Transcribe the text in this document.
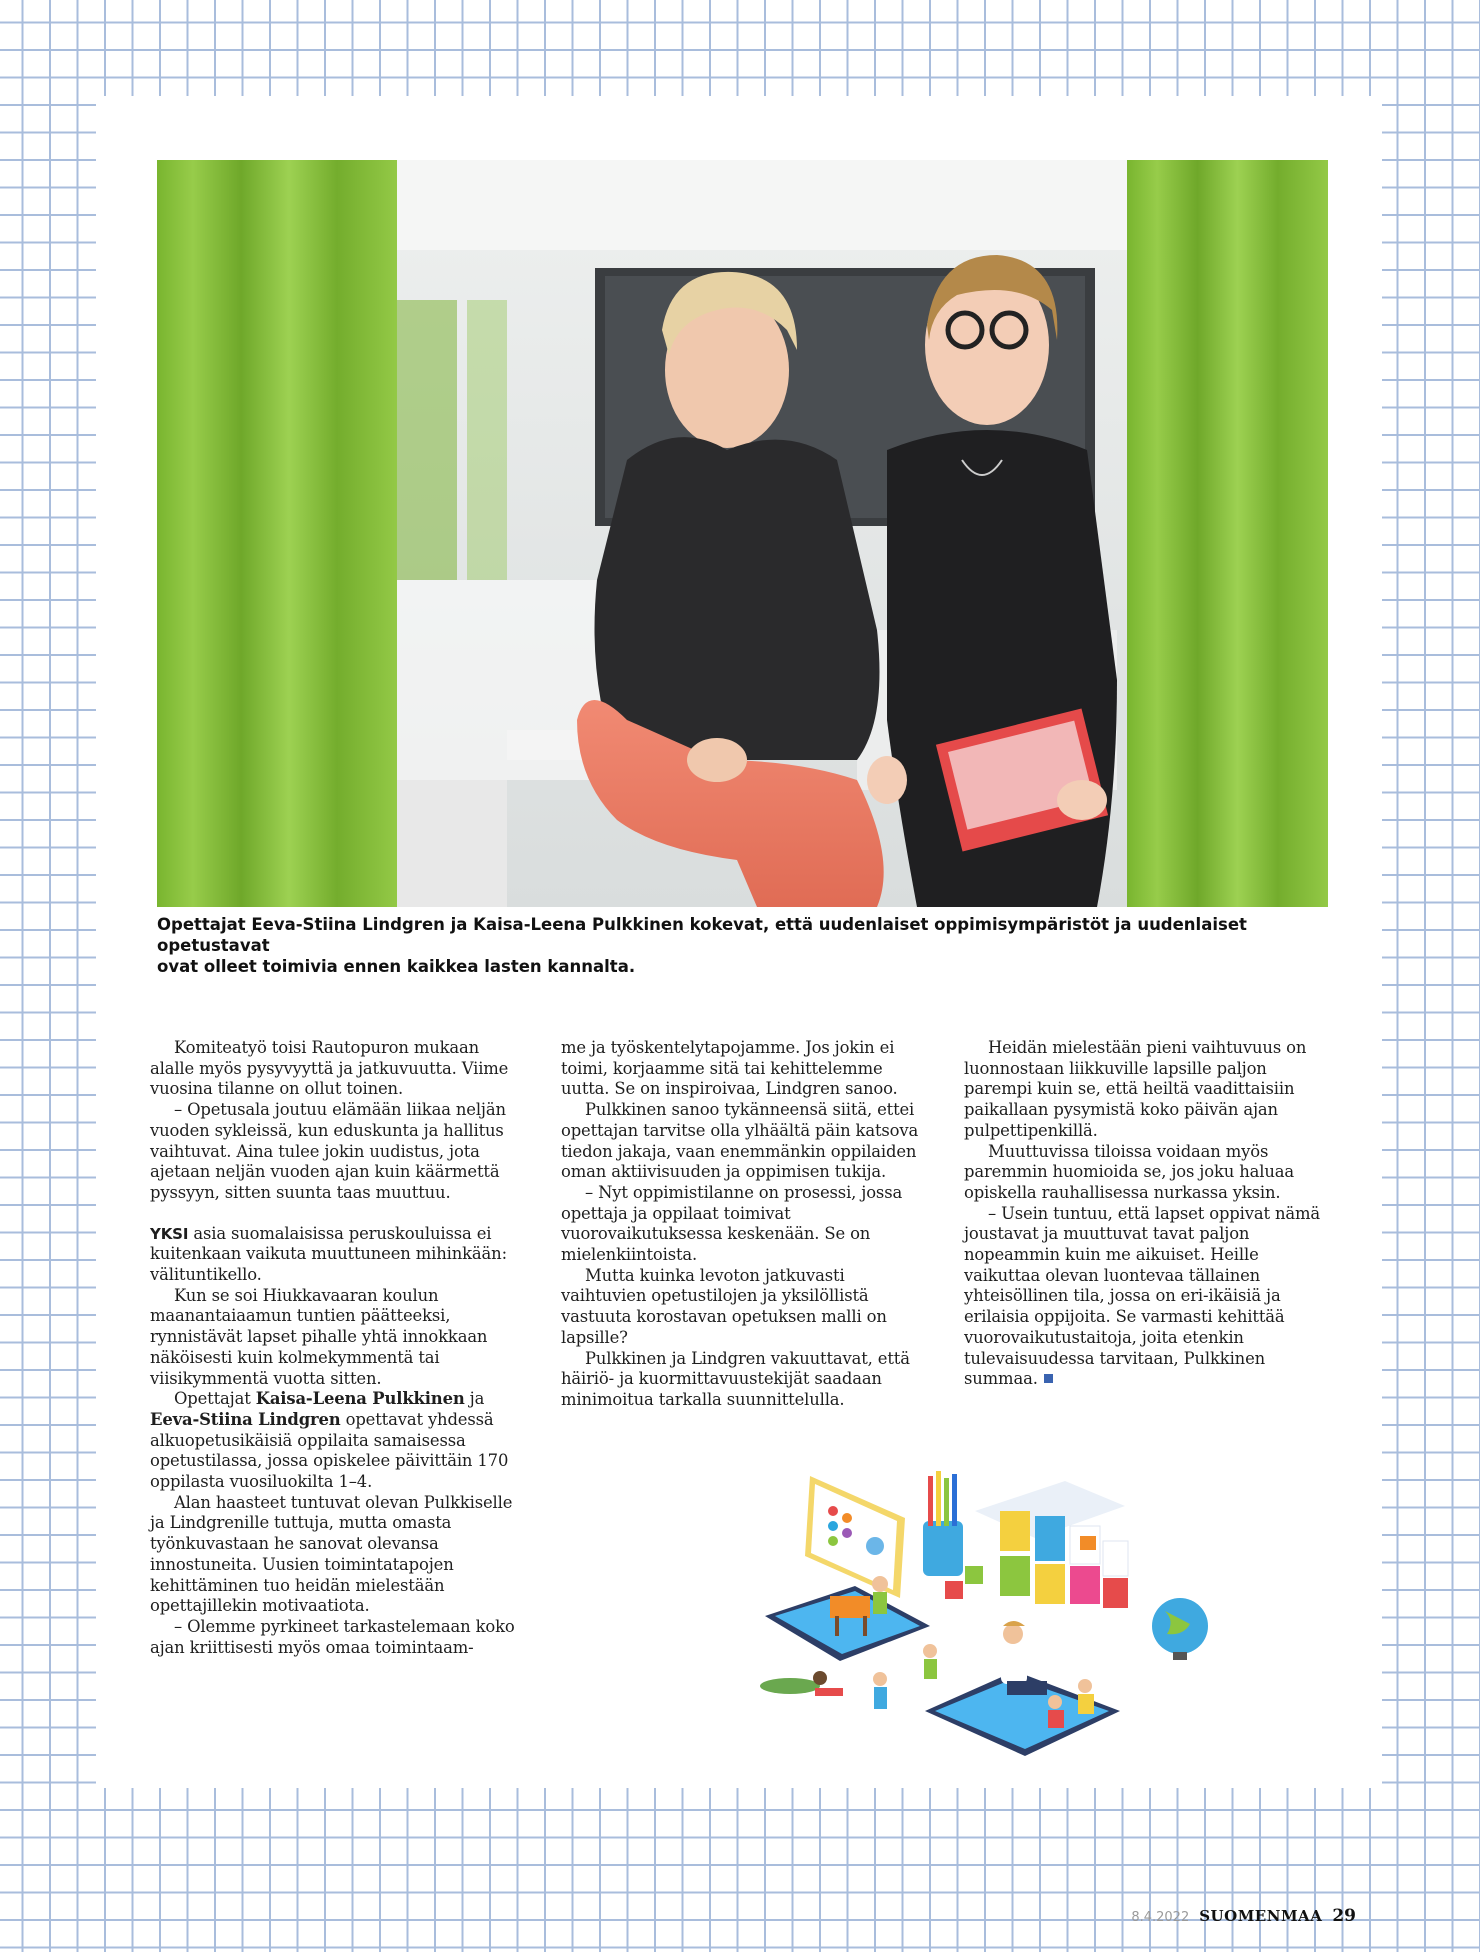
Opettajat Eeva-Stiina Lindgren ja Kaisa-Leena Pulkkinen kokevat, että uudenlaiset oppimisympäristöt ja uudenlaiset opetustavat
ovat olleet toimivia ennen kaikkea lasten kannalta.

Komiteatyö toisi Rautopuron mukaan alalle myös pysyvyyttä ja jatkuvuutta. Viime vuosina tilanne on ollut toinen.

– Opetusala joutuu elämään liikaa neljän vuoden sykleissä, kun eduskunta ja hallitus vaihtuvat. Aina tulee jokin uudistus, jota ajetaan neljän vuoden ajan kuin käärmettä pyssyyn, sitten suunta taas muuttuu.

YKSI asia suomalaisissa peruskouluissa ei kuitenkaan vaikuta muuttuneen mihinkään: välituntikello.

Kun se soi Hiukkavaaran koulun maanantaiaamun tuntien päätteeksi, rynnistävät lapset pihalle yhtä innokkaan näköisesti kuin kolmekymmentä tai viisikymmentä vuotta sitten.

Opettajat Kaisa-Leena Pulkkinen ja Eeva-Stiina Lindgren opettavat yhdessä alkuopetusikäisiä oppilaita samaisessa opetustilassa, jossa opiskelee päivittäin 170 oppilasta vuosiluokilta 1–4.

Alan haasteet tuntuvat olevan Pulkkiselle ja Lindgrenille tuttuja, mutta omasta työnkuvastaan he sanovat olevansa innostuneita. Uusien toimintatapojen kehittäminen tuo heidän mielestään opettajillekin motivaatiota.

– Olemme pyrkineet tarkastelemaan koko ajan kriittisesti myös omaa toimintaam-

me ja työskentelytapojamme. Jos jokin ei toimi, korjaamme sitä tai kehittelemme uutta. Se on inspiroivaa, Lindgren sanoo.

Pulkkinen sanoo tykänneensä siitä, ettei opettajan tarvitse olla ylhäältä päin katsova tiedon jakaja, vaan enemmänkin oppilaiden oman aktiivisuuden ja oppimisen tukija.

– Nyt oppimistilanne on prosessi, jossa opettaja ja oppilaat toimivat vuorovaikutuksessa keskenään. Se on mielenkiintoista.

Mutta kuinka levoton jatkuvasti vaihtuvien opetustilojen ja yksilöllistä vastuuta korostavan opetuksen malli on lapsille?

Pulkkinen ja Lindgren vakuuttavat, että häiriö- ja kuormittavuustekijät saadaan minimoitua tarkalla suunnittelulla.

Heidän mielestään pieni vaihtuvuus on luonnostaan liikkuville lapsille paljon parempi kuin se, että heiltä vaadittaisiin paikallaan pysymistä koko päivän ajan pulpettipenkillä.

Muuttuvissa tiloissa voidaan myös paremmin huomioida se, jos joku haluaa opiskella rauhallisessa nurkassa yksin.

– Usein tuntuu, että lapset oppivat nämä joustavat ja muuttuvat tavat paljon nopeammin kuin me aikuiset. Heille vaikuttaa olevan luontevaa tällainen yhteisöllinen tila, jossa on eri-ikäisiä ja erilaisia oppijoita. Se varmasti kehittää vuorovaikutustaitoja, joita etenkin tulevaisuudessa tarvitaan, Pulkkinen summaa.

8.4.2022 SUOMENMAA 29
